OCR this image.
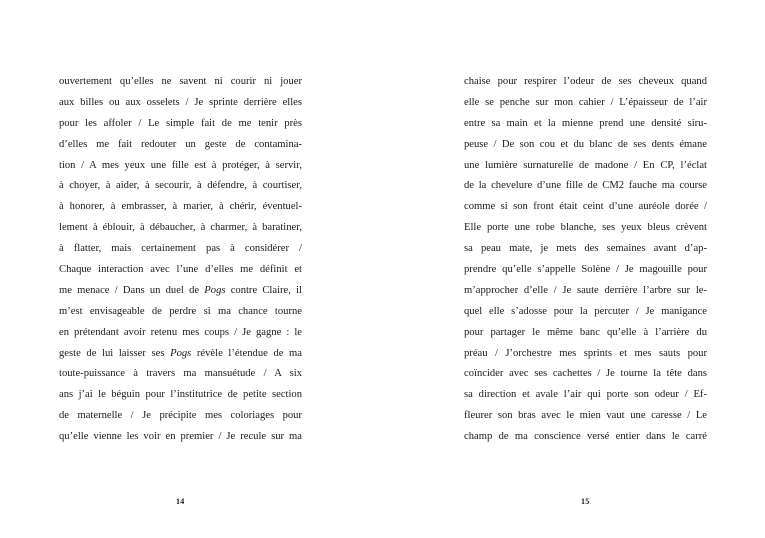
ouvertement qu’elles ne savent ni courir ni jouer
aux billes ou aux osselets / Je sprinte derrière elles
pour les affoler / Le simple fait de me tenir près
d’elles me fait redouter un geste de contamina-
tion / A mes yeux une fille est à protéger, à servir,
à choyer, à aider, à secourir, à défendre, à courtiser,
à honorer, à embrasser, à marier, à chérir, éventuel-
lement à éblouir, à débaucher, à charmer, à baratiner,
à flatter, mais certainement pas à considérer /
Chaque interaction avec l’une d’elles me définit et
me menace / Dans un duel de Pogs contre Claire, il
m’est envisageable de perdre si ma chance tourne
en prétendant avoir retenu mes coups / Je gagne : le
geste de lui laisser ses Pogs révèle l’étendue de ma
toute-puissance à travers ma mansuétude / A six
ans j’ai le béguin pour l’institutrice de petite section
de maternelle / Je précipite mes coloriages pour
qu’elle vienne les voir en premier / Je recule sur ma
chaise pour respirer l’odeur de ses cheveux quand
elle se penche sur mon cahier / L’épaisseur de l’air
entre sa main et la mienne prend une densité siru-
peuse / De son cou et du blanc de ses dents émane
une lumière surnaturelle de madone / En CP, l’éclat
de la chevelure d’une fille de CM2 fauche ma course
comme si son front était ceint d’une auréole dorée /
Elle porte une robe blanche, ses yeux bleus crèvent
sa peau mate, je mets des semaines avant d’ap-
prendre qu’elle s’appelle Solène / Je magouille pour
m’approcher d’elle / Je saute derrière l’arbre sur le-
quel elle s’adosse pour la percuter / Je manigance
pour partager le même banc qu’elle à l’arrière du
préau / J’orchestre mes sprints et mes sauts pour
coïncider avec ses cachettes / Je tourne la tête dans
sa direction et avale l’air qui porte son odeur / Ef-
fleurer son bras avec le mien vaut une caresse / Le
champ de ma conscience versé entier dans le carré
14	15
